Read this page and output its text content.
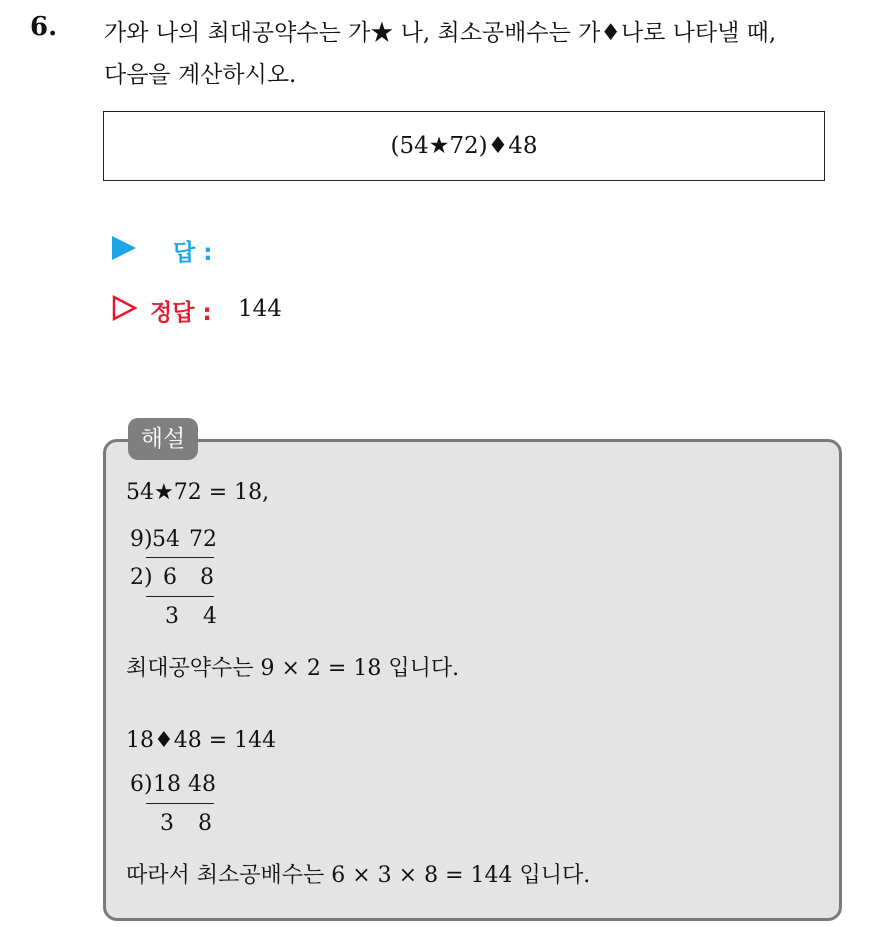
6. 가와 나의 최대공약수는 가★ 나, 최소공배수는 가♦나로 나타낼 때,
다음을 계산하시오.
(54★72)♦48
답 :
정답 : 144
해설
54★72 = 18,
9) 54 72
2) 6 8
3 4
최대공약수는 9 × 2 = 18 입니다.
18♦48 = 144
6) 18 48
3 8
따라서 최소공배수는 6 × 3 × 8 = 144 입니다.
